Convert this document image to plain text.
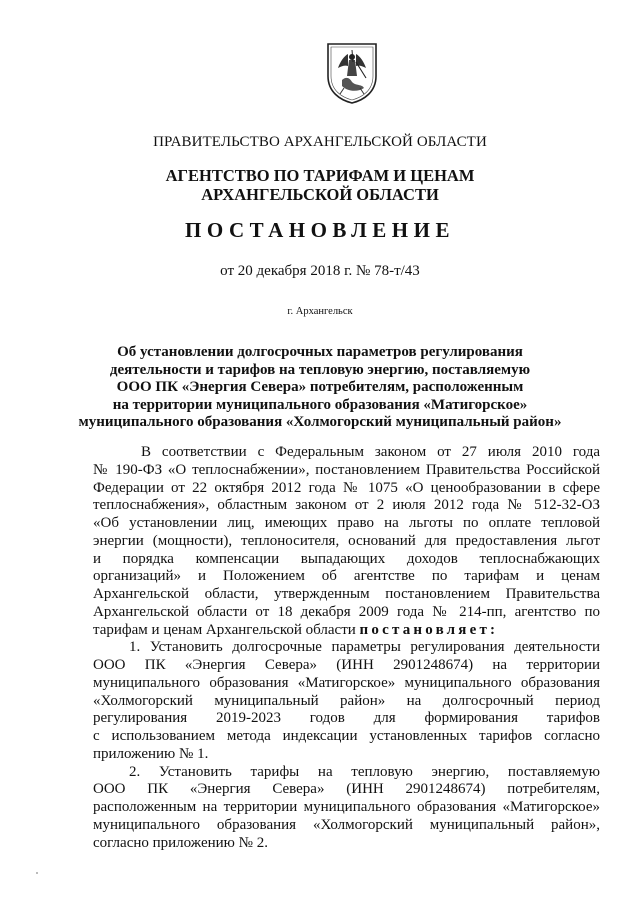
ПРАВИТЕЛЬСТВО АРХАНГЕЛЬСКОЙ ОБЛАСТИ
АГЕНТСТВО ПО ТАРИФАМ И ЦЕНАМ
АРХАНГЕЛЬСКОЙ ОБЛАСТИ
ПОСТАНОВЛЕНИЕ
от 20 декабря 2018 г. № 78-т/43
г. Архангельск
Об установлении долгосрочных параметров регулирования
деятельности и тарифов на тепловую энергию, поставляемую
ООО ПК «Энергия Севера» потребителям, расположенным
на территории муниципального образования «Матигорское»
муниципального образования «Холмогорский муниципальный район»
В соответствии с Федеральным законом от 27 июля 2010 года
№ 190-ФЗ «О теплоснабжении», постановлением Правительства Российской
Федерации от 22 октября 2012 года № 1075 «О ценообразовании в сфере
теплоснабжения», областным законом от 2 июля 2012 года № 512-32-ОЗ
«Об установлении лиц, имеющих право на льготы по оплате тепловой
энергии (мощности), теплоносителя, оснований для предоставления льгот
и порядка компенсации выпадающих доходов теплоснабжающих
организаций» и Положением об агентстве по тарифам и ценам
Архангельской области, утвержденным постановлением Правительства
Архангельской области от 18 декабря 2009 года № 214-пп, агентство по
тарифам и ценам Архангельской области постановляет:
1. Установить долгосрочные параметры регулирования деятельности
ООО ПК «Энергия Севера» (ИНН 2901248674) на территории
муниципального образования «Матигорское» муниципального образования
«Холмогорский муниципальный район» на долгосрочный период
регулирования 2019-2023 годов для формирования тарифов
с использованием метода индексации установленных тарифов согласно
приложению № 1.
2. Установить тарифы на тепловую энергию, поставляемую
ООО ПК «Энергия Севера» (ИНН 2901248674) потребителям,
расположенным на территории муниципального образования «Матигорское»
муниципального образования «Холмогорский муниципальный район»,
согласно приложению № 2.
